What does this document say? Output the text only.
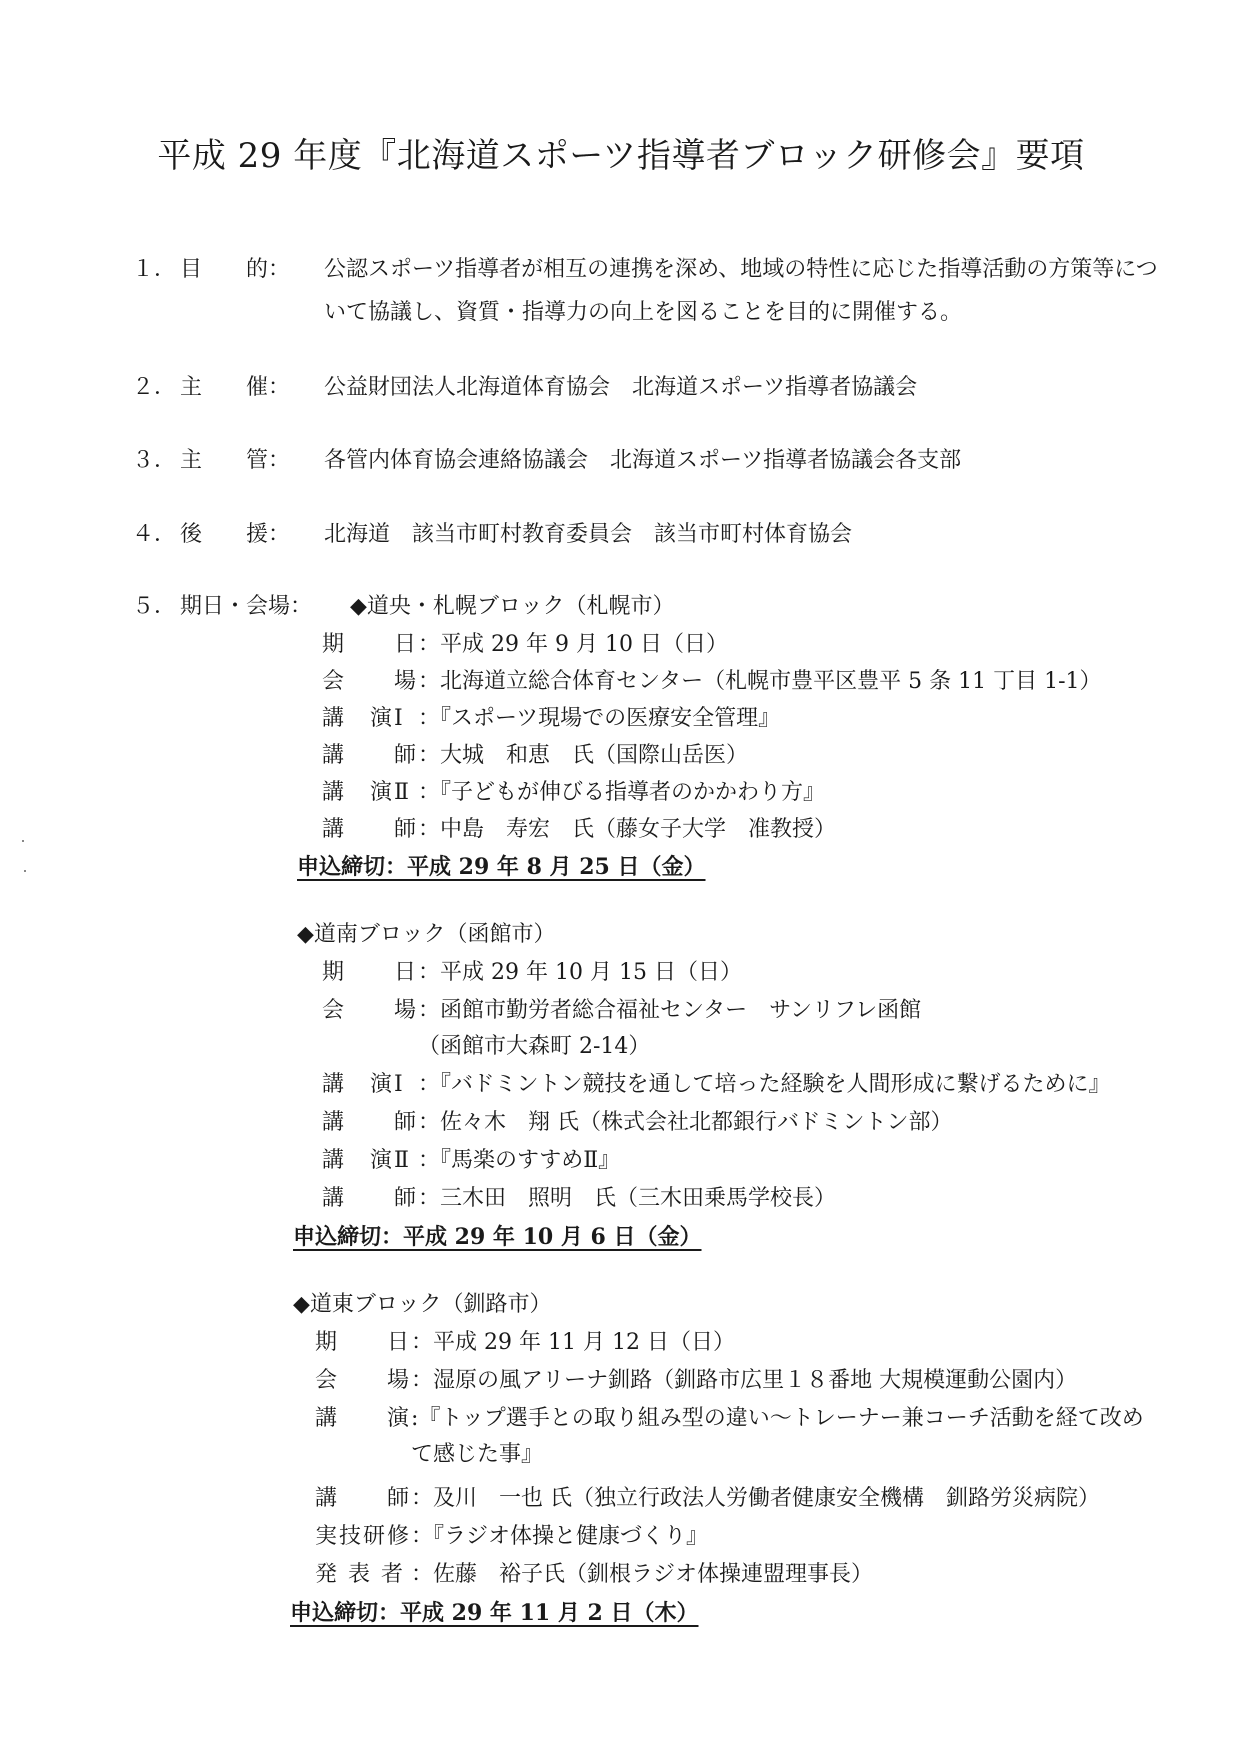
平成 29 年度『北海道スポーツ指導者ブロック研修会』要項
１． 目　　的： 公認スポーツ指導者が相互の連携を深め、地域の特性に応じた指導活動の方策等につ
いて協議し、資質・指導力の向上を図ることを目的に開催する。
２． 主　　催： 公益財団法人北海道体育協会　北海道スポーツ指導者協議会
３． 主　　管： 各管内体育協会連絡協議会　北海道スポーツ指導者協議会各支部
４． 後　　援： 北海道　該当市町村教育委員会　該当市町村体育協会
５． 期日・会場： ◆道央・札幌ブロック（札幌市）
期　　日：平成 29 年 9 月 10 日（日）
会　　場：北海道立総合体育センター（札幌市豊平区豊平 5 条 11 丁目 1-1）
講　演Ⅰ ：『スポーツ現場での医療安全管理』
講　　師：大城　和恵　氏（国際山岳医）
講　演Ⅱ ：『子どもが伸びる指導者のかかわり方』
講　　師：中島　寿宏　氏（藤女子大学　准教授）
申込締切：平成 29 年 8 月 25 日（金）
◆道南ブロック（函館市）
期　　日：平成 29 年 10 月 15 日（日）
会　　場：函館市勤労者総合福祉センター　サンリフレ函館
（函館市大森町 2-14）
講　演Ⅰ ：『バドミントン競技を通して培った経験を人間形成に繋げるために』
講　　師：佐々木　翔 氏（株式会社北都銀行バドミントン部）
講　演Ⅱ ：『馬楽のすすめⅡ』
講　　師：三木田　照明　氏（三木田乗馬学校長）
申込締切：平成 29 年 10 月 6 日（金）
◆道東ブロック（釧路市）
期　　日：平成 29 年 11 月 12 日（日）
会　　場：湿原の風アリーナ釧路（釧路市広里１８番地 大規模運動公園内）
講　　演:『トップ選手との取り組み型の違い〜トレーナー兼コーチ活動を経て改め
て感じた事』
講　　師：及川　一也 氏（独立行政法人労働者健康安全機構　釧路労災病院）
実技研修：『ラジオ体操と健康づくり』
発 表 者 ：佐藤　裕子氏（釧根ラジオ体操連盟理事長）
申込締切：平成 29 年 11 月 2 日（木）
